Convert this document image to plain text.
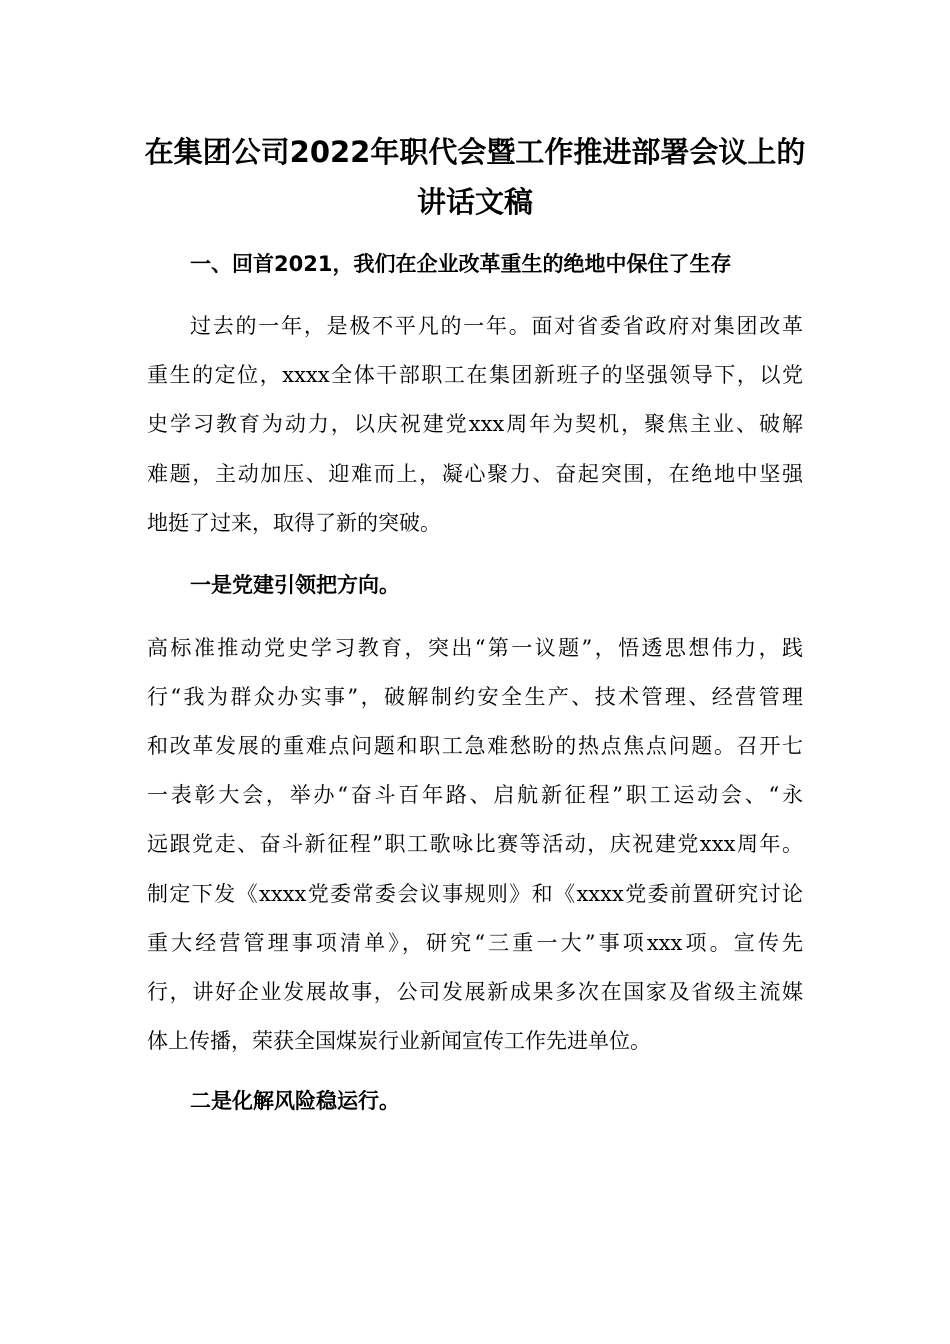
在集团公司2022年职代会暨工作推进部署会议上的
讲话文稿
一、回首2021，我们在企业改革重生的绝地中保住了生存
过去的一年，是极不平凡的一年。面对省委省政府对集团改革
重生的定位，xxxx全体干部职工在集团新班子的坚强领导下，以党
史学习教育为动力，以庆祝建党xxx周年为契机，聚焦主业、破解
难题，主动加压、迎难而上，凝心聚力、奋起突围，在绝地中坚强
地挺了过来，取得了新的突破。
一是党建引领把方向。
高标准推动党史学习教育，突出“第一议题”，悟透思想伟力，践
行“我为群众办实事”，破解制约安全生产、技术管理、经营管理
和改革发展的重难点问题和职工急难愁盼的热点焦点问题。召开七
一表彰大会，举办“奋斗百年路、启航新征程”职工运动会、“永
远跟党走、奋斗新征程”职工歌咏比赛等活动，庆祝建党xxx周年。
制定下发《xxxx党委常委会议事规则》和《xxxx党委前置研究讨论
重大经营管理事项清单》，研究“三重一大”事项xxx项。宣传先
行，讲好企业发展故事，公司发展新成果多次在国家及省级主流媒
体上传播，荣获全国煤炭行业新闻宣传工作先进单位。
二是化解风险稳运行。
